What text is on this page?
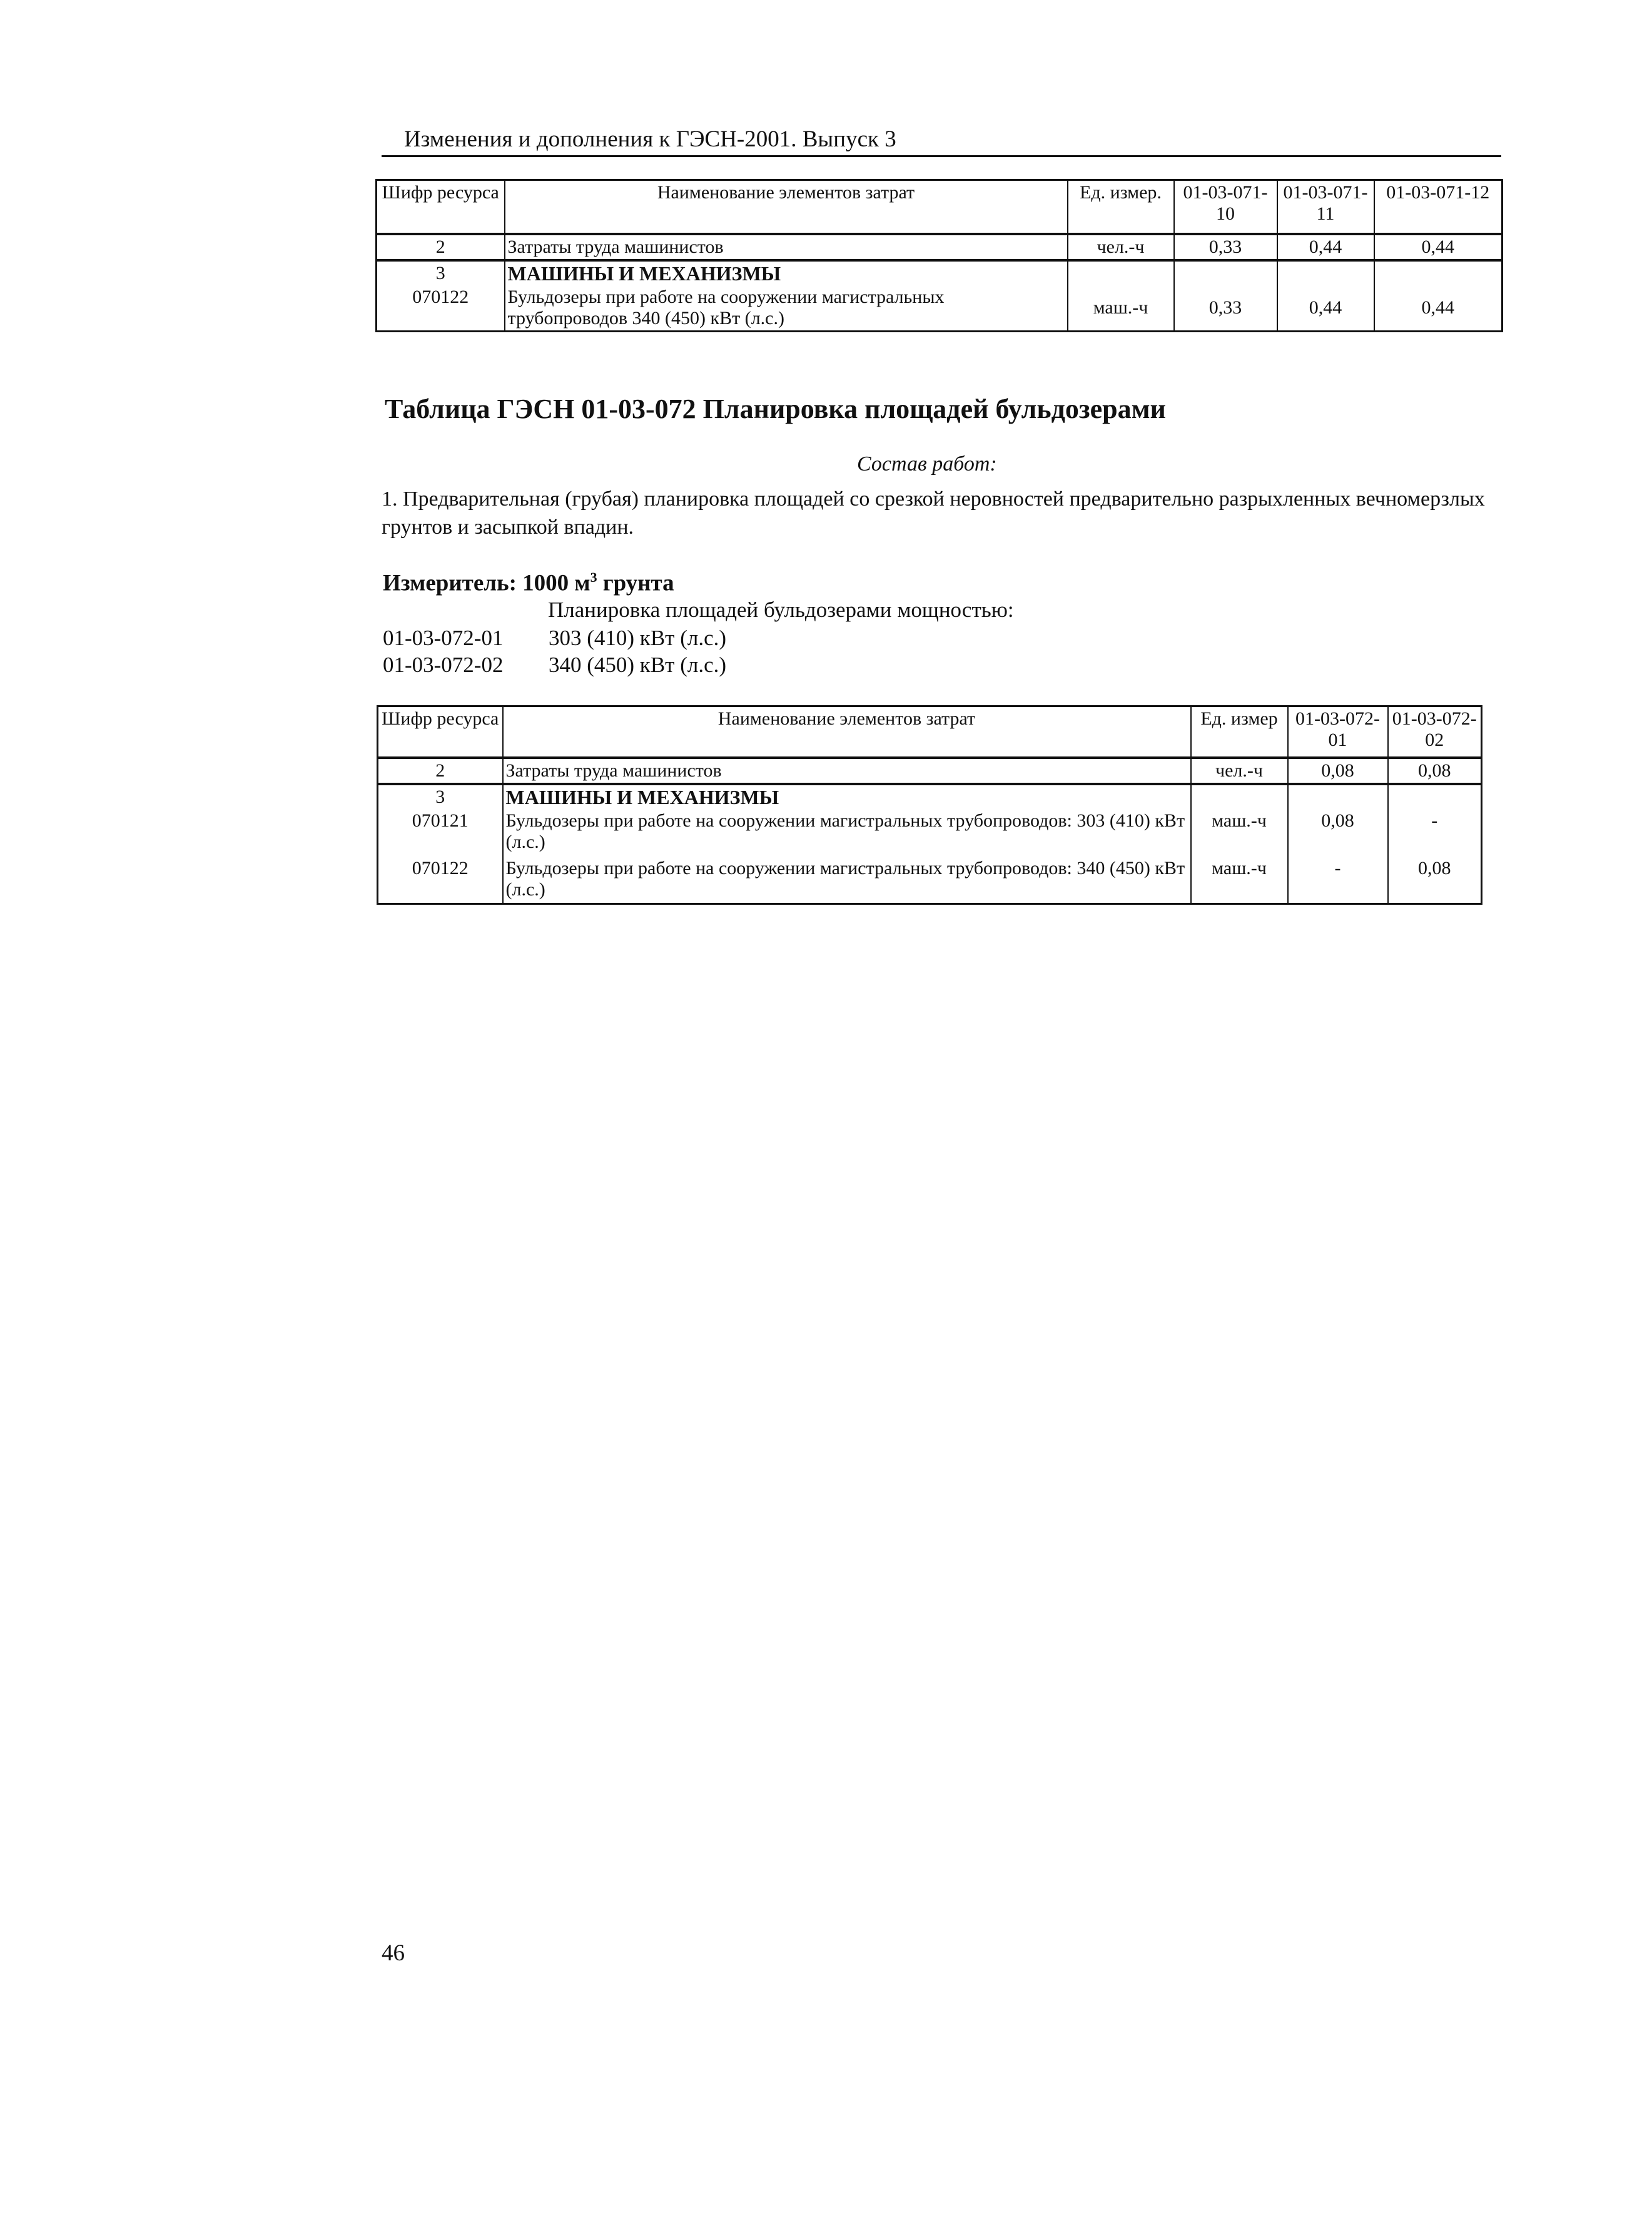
Изменения и дополнения к ГЭСН-2001. Выпуск 3
Шифр ресурса	Наименование элементов затрат	Ед. измер.	01-03-071-10	01-03-071-11	01-03-071-12
2	Затраты труда машинистов	чел.-ч	0,33	0,44	0,44
3	МАШИНЫ И МЕХАНИЗМЫ				
070122	Бульдозеры при работе на сооружении магистральных трубопроводов 340 (450) кВт (л.с.)	маш.-ч	0,33	0,44	0,44
Таблица ГЭСН 01-03-072 Планировка площадей бульдозерами
Состав работ:
1. Предварительная (грубая) планировка площадей со срезкой неровностей предварительно разрыхленных вечномерзлых грунтов и засыпкой впадин.
Измеритель: 1000 $м^3$ грунта
Планировка площадей бульдозерами мощностью:
01-03-072-01 303 (410) кВт (л.с.)
01-03-072-02 340 (450) кВт (л.с.)
Шифр ресурса	Наименование элементов затрат	Ед. измер	01-03-072-01	01-03-072-02
2	Затраты труда машинистов	чел.-ч	0,08	0,08
3	МАШИНЫ И МЕХАНИЗМЫ			
070121	Бульдозеры при работе на сооружении магистральных трубопроводов: 303 (410) кВт (л.с.)	маш.-ч	0,08	-
070122	Бульдозеры при работе на сооружении магистральных трубопроводов: 340 (450) кВт (л.с.)	маш.-ч	-	0,08
46
